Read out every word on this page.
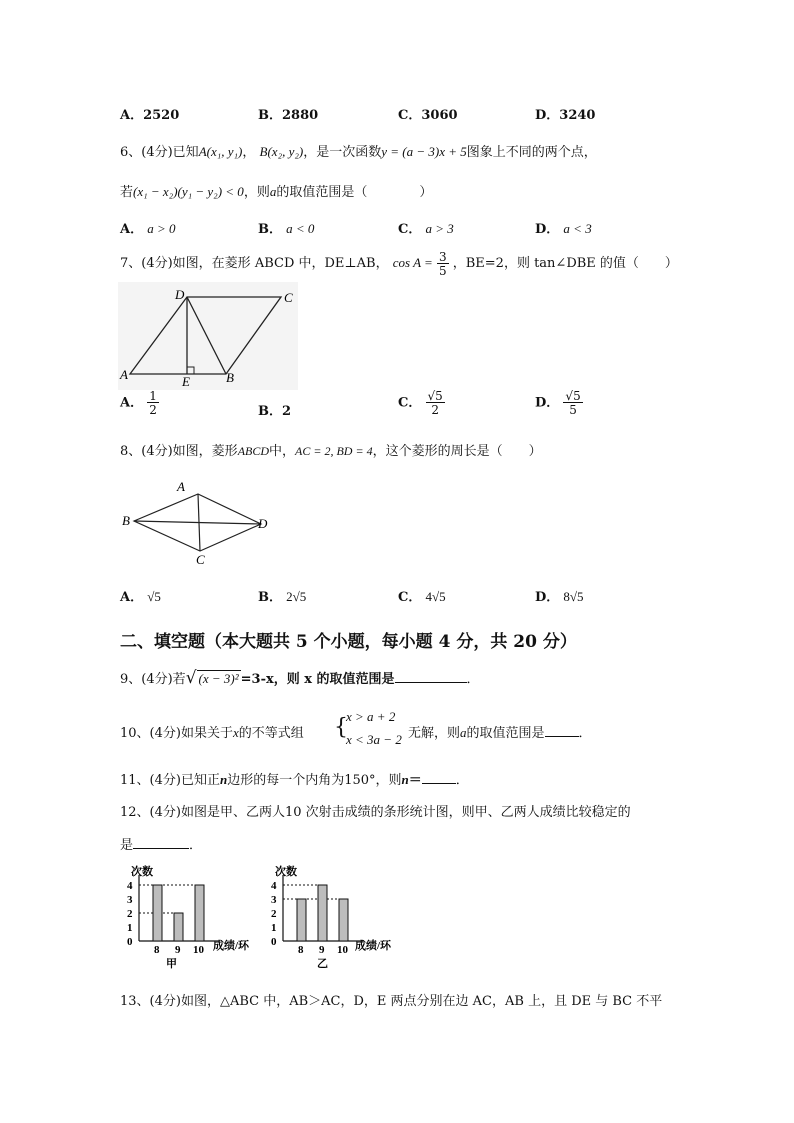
A．2520	B．2880	C．3060	D．3240
6、(4分)已知A(x₁, y₁)， B(x₂, y₂)，是一次函数y = (a − 3)x + 5图象上不同的两个点，
若(x₁ − x₂)(y₁ − y₂) < 0，则a的取值范围是（　　　　）
A． a > 0	B． a < 0	C． a > 3	D． a < 3
7、(4分)如图，在菱形 ABCD 中，DE⊥AB， $\cos A = \frac{3}{5}$ ，BE=2，则 tan∠DBE 的值（　　）
A	B
C
D
E
A． $\frac{1}{2}$	B．2
C． $\frac{√5}{2}$	D． $\frac{√5}{5}$
8、(4分)如图，菱形ABCD中，AC = 2, BD = 4，这个菱形的周长是（　　）
A
B
C
D
A． √5	B． 2√5	C． 4√5	D． 8√5
二、填空题（本大题共 5 个小题，每小题 4 分，共 20 分）
9、(4分)若√ (x − 3)² =3-x，则 x 的取值范围是	．
10、(4分)如果关于x的不等式组 {
x > a + 2
x < 3a − 2 无解，则a的取值范围是	．
11、(4分)已知正n边形的每一个内角为150°，则n＝	．
12、(4分)如图是甲、乙两人10 次射击成绩的条形统计图，则甲、乙两人成绩比较稳定的
是	．
次数
成绩/环
甲
0
1
2
3
4
8 9 10
次数
成绩/环
乙
0
1
2
3
4
8 9 10
13、(4分)如图，△ABC 中，AB＞AC，D，E 两点分别在边 AC，AB 上，且 DE 与 BC 不平
